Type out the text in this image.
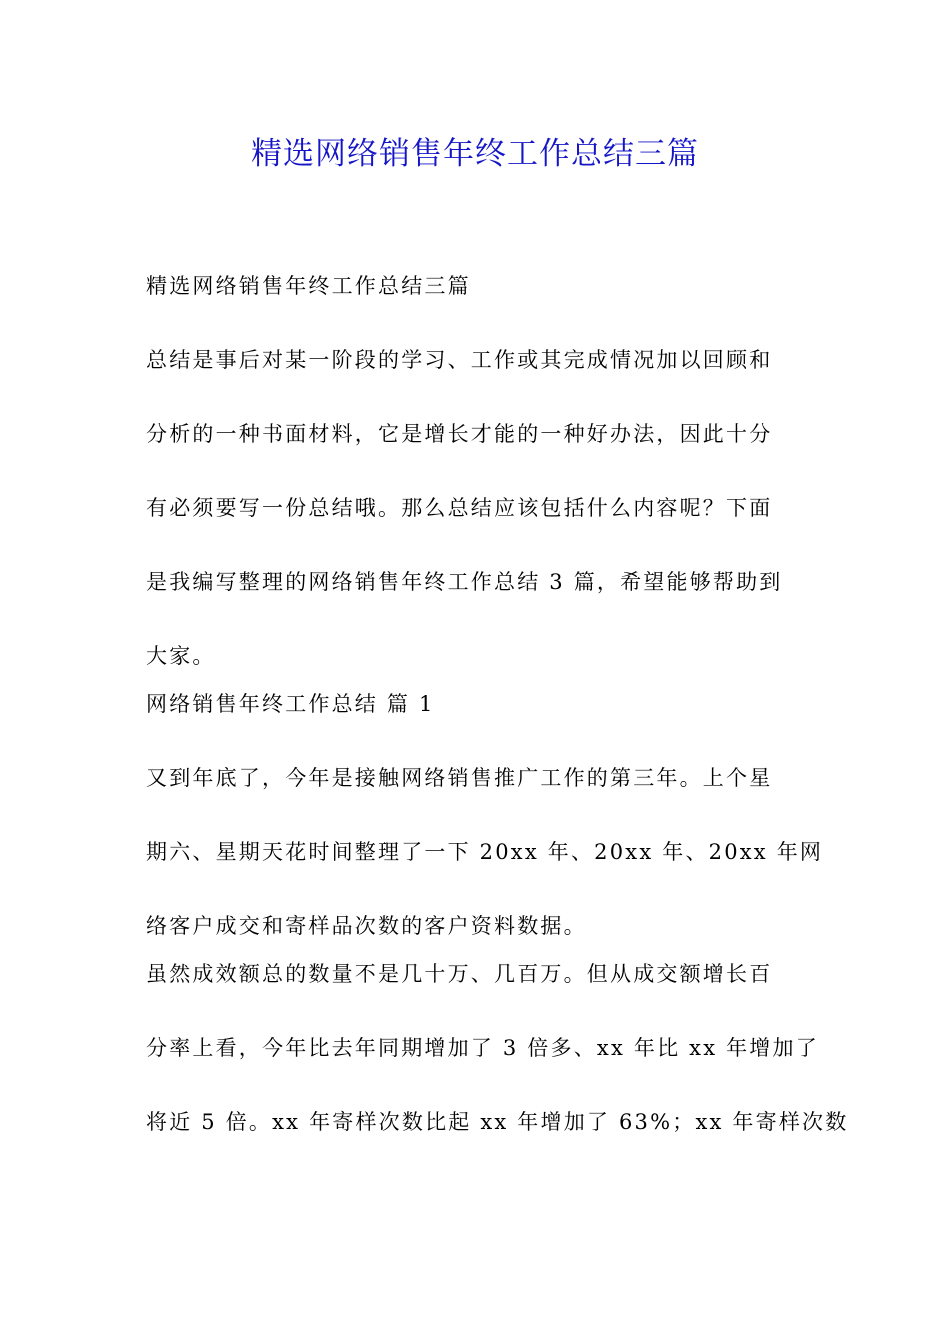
精选网络销售年终工作总结三篇
精选网络销售年终工作总结三篇
总结是事后对某一阶段的学习、工作或其完成情况加以回顾和
分析的一种书面材料，它是增长才能的一种好办法，因此十分
有必须要写一份总结哦。那么总结应该包括什么内容呢？下面
是我编写整理的网络销售年终工作总结 3 篇，希望能够帮助到
大家。
网络销售年终工作总结 篇 1
又到年底了，今年是接触网络销售推广工作的第三年。上个星
期六、星期天花时间整理了一下 20xx 年、20xx 年、20xx 年网
络客户成交和寄样品次数的客户资料数据。
虽然成效额总的数量不是几十万、几百万。但从成交额增长百
分率上看，今年比去年同期增加了 3 倍多、xx 年比 xx 年增加了
将近 5 倍。xx 年寄样次数比起 xx 年增加了 63%；xx 年寄样次数
